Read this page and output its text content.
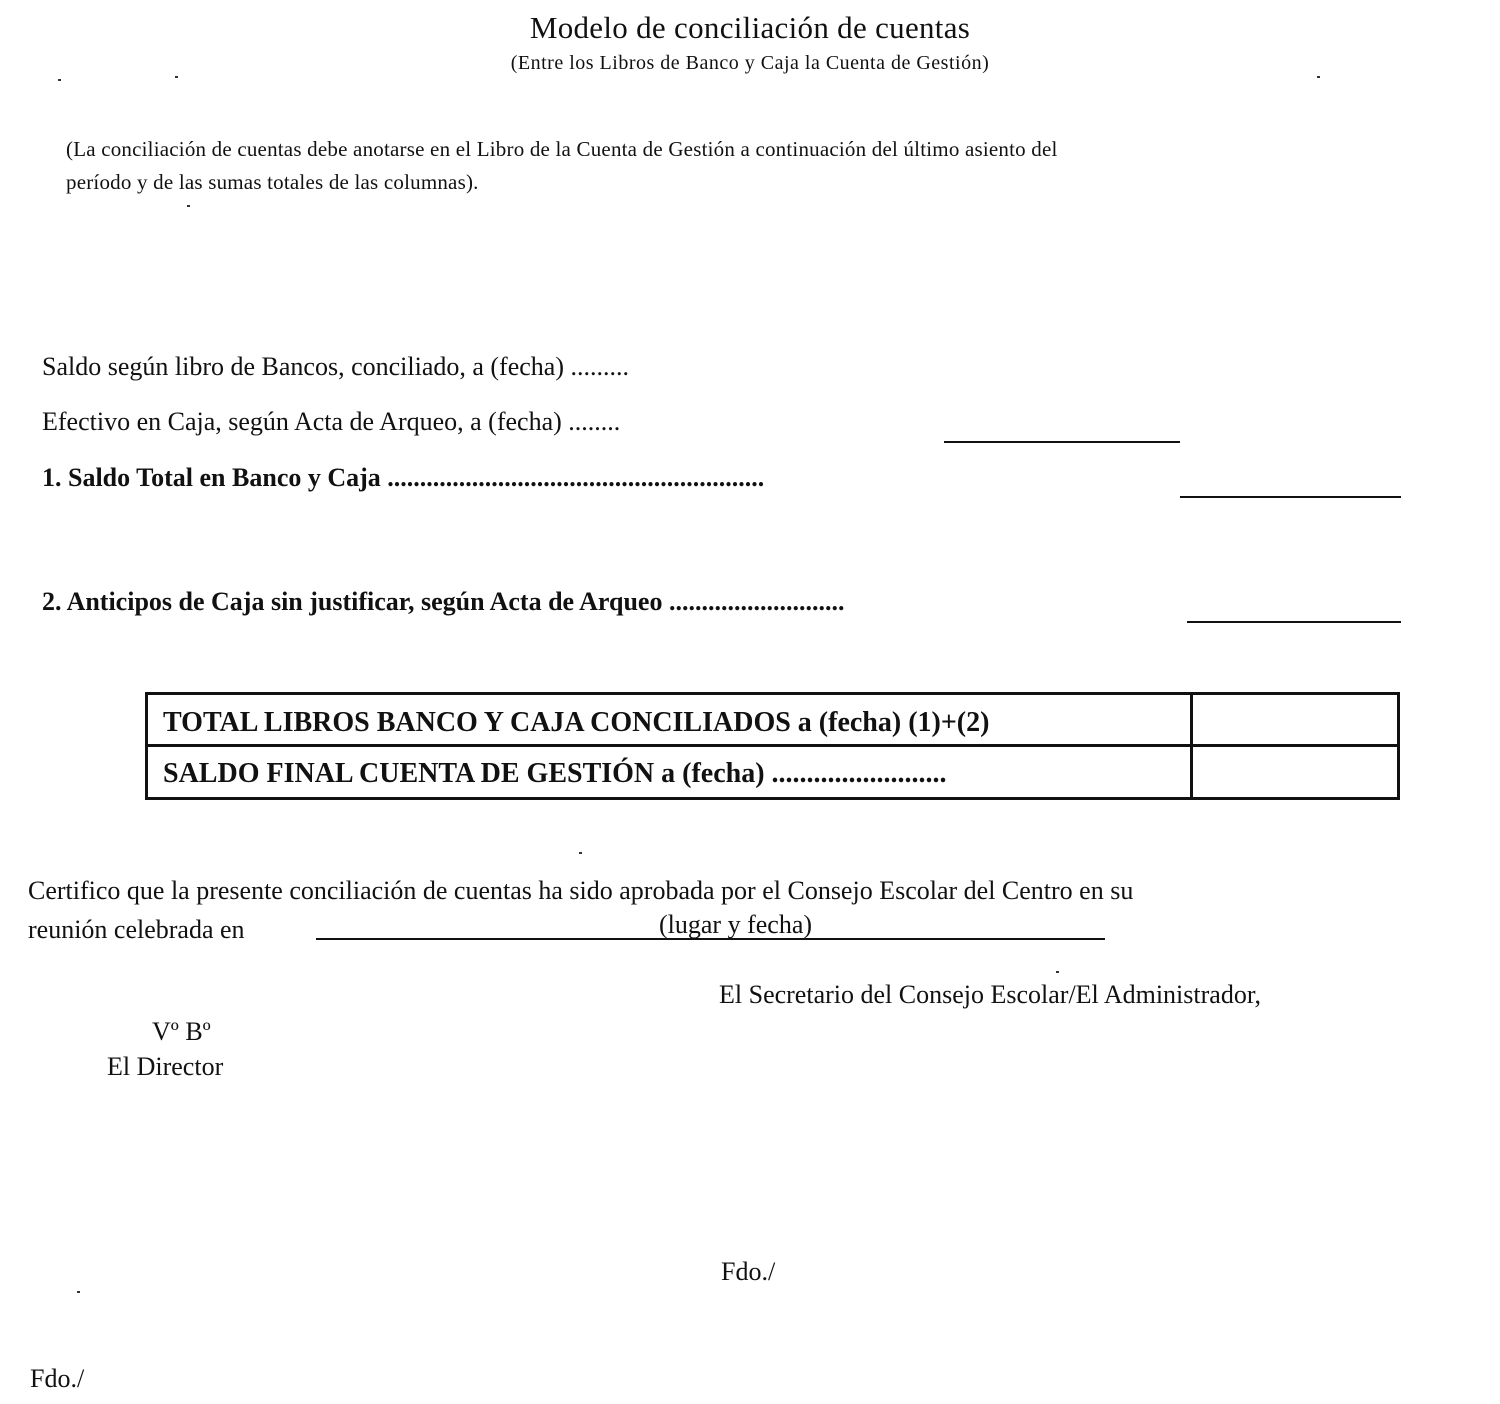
Modelo de conciliación de cuentas
(Entre los Libros de Banco y Caja la Cuenta de Gestión)
(La conciliación de cuentas debe anotarse en el Libro de la Cuenta de Gestión a continuación del último asiento del
período y de las sumas totales de las columnas).
Saldo según libro de Bancos, conciliado, a (fecha) .........
Efectivo en Caja, según Acta de Arqueo, a (fecha) ........
1. Saldo Total en Banco y Caja ..........................................................
2. Anticipos de Caja sin justificar, según Acta de Arqueo ...........................
TOTAL LIBROS BANCO Y CAJA CONCILIADOS a (fecha) (1)+(2)
SALDO FINAL CUENTA DE GESTIÓN a (fecha) .........................
Certifico que la presente conciliación de cuentas ha sido aprobada por el Consejo Escolar del Centro en su
reunión celebrada en	(lugar y fecha)
El Secretario del Consejo Escolar/El Administrador,
Vº Bº
El Director
Fdo./
Fdo./
